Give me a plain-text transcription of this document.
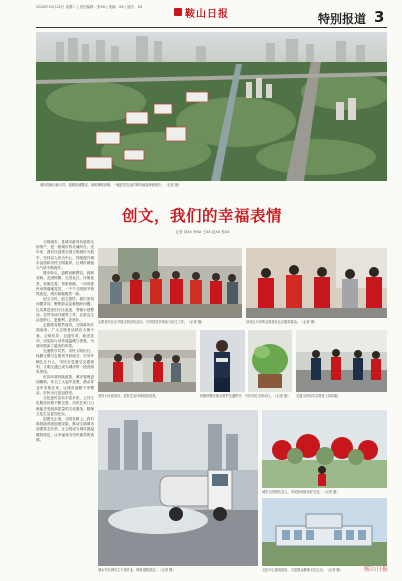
2024年10月22日 星期二 | 责任编辑：张XX | 美编：XX | 版式：XX
鞍山日报	特别报道 3
城市面貌日新月异，道路宽阔整洁，绿树掩映高楼，一幅宜居宜业的城市画卷徐徐展开。（记者 摄）
创文，我们的幸福表情
记者 刘XX 李XX 王XX 赵XX 张XX

文明城市，是城市最具价值的无形资产，是一座城市的灵魂所在。近年来，我们以创建全国文明城市为抓手，坚持以人民为中心，持续提升城市品质和市民文明素养，让城市颜值与气质不断提升。

漫步街头，道路宽敞整洁，绿树成荫，花团锦簇；走进社区，环境优美，设施完善，邻里和睦。一项项惠民举措落地见效，一个个文明细节悄然改变，城市面貌焕然一新。

创文为民，创文惠民。我们坚持问题导向，聚焦群众急难愁盼问题，扎实推进老旧小区改造、背街小巷整治、农贸市场升级等工作，让群众生活更舒心、更便利、更美好。

志愿服务蔚然成风，文明新风扑面而来。广大志愿者活跃在大街小巷，文明劝导、交通引导、助老扶幼，用实际行动传递温暖与善意，为城市增添了最美的风景。

交通秩序井然，市民文明出行。执勤交警与志愿者并肩值守，引导车辆礼让行人，市民自觉遵守交通规则，文明交通已成为城市的一道亮丽风景线。

市容环境持续改善，城市管理更加精细。环卫工人起早贪黑，洒水作业车穿梭往来，让城市道路干净整洁，市民出行更加舒适。

文化惠民活动丰富多彩，公共文化服务体系不断完善，市民在家门口就能享受到高质量的文化服务，精神文化生活更加充实。

创建无止境，文明在路上。我们将持续巩固创建成果，推动文明城市创建常态长效，让文明成为城市最温暖的底色，让幸福成为市民最美的表情。

志愿者在社区开展文明宣传活动，引导居民共同参与创文工作。（记者 摄）	身穿红马甲的志愿者在社区服务群众。（记者 摄）
老旧小区改造后，居民生活环境明显改善。	执勤民警在街头维护交通秩序，引导市民文明出行。（记者 摄）	交通文明劝导志愿者上岗执勤。
洒水车在城市主干道作业，保持道路清洁。（记者 摄）
城市公园景色宜人，市民休闲娱乐好去处。（记者 摄）
文化中心建成投用，丰富群众精神文化生活。（记者 摄）	鞍山日报
